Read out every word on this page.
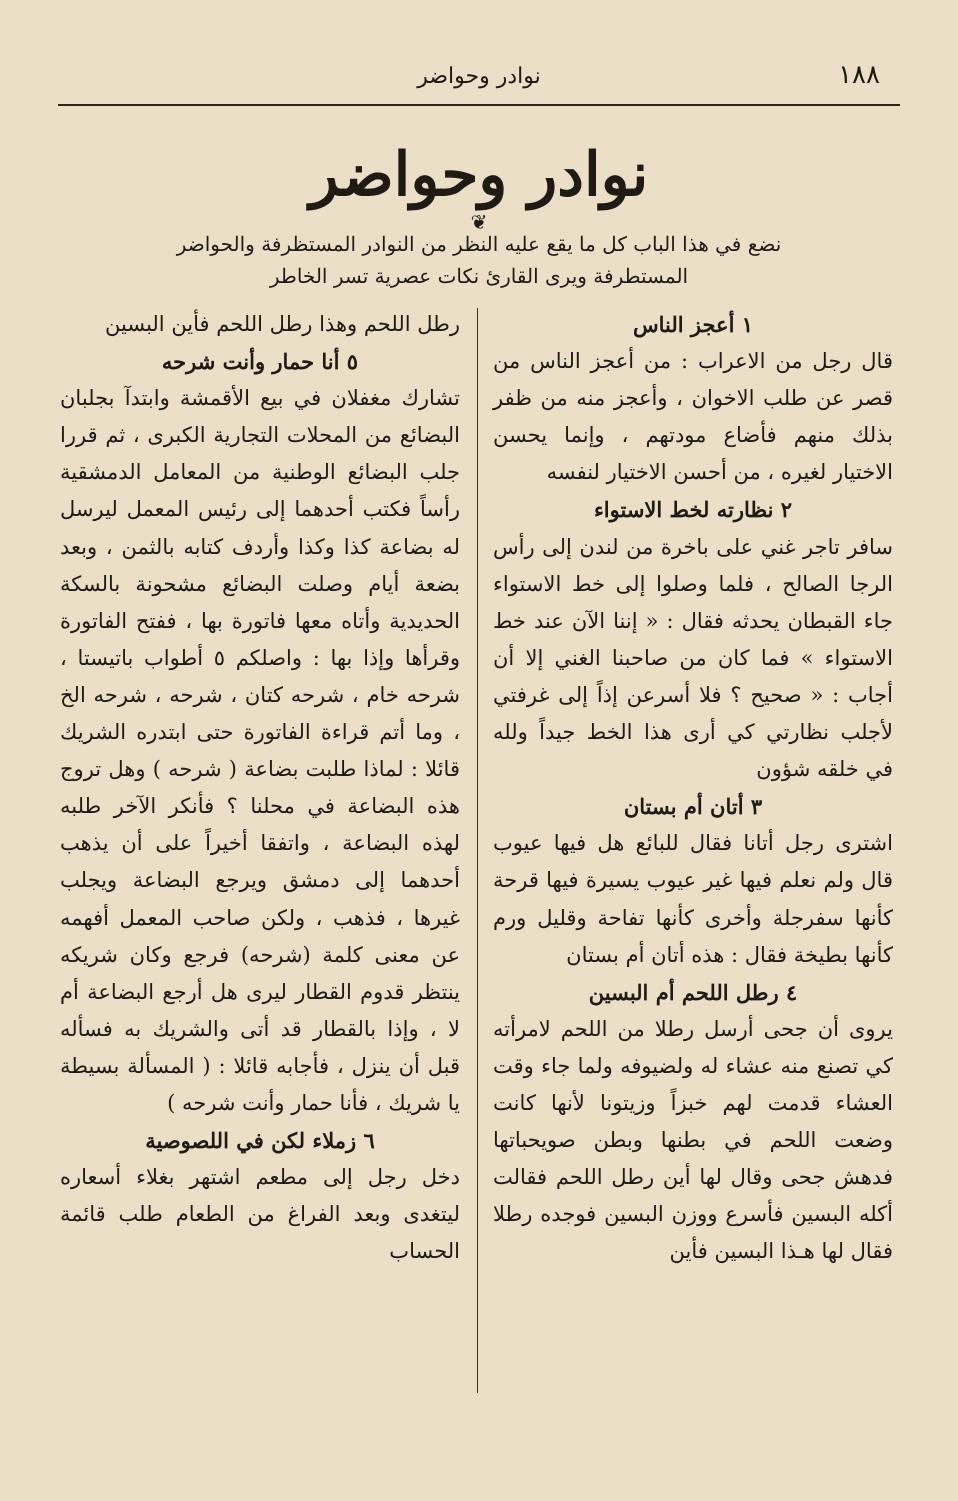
١٨٨
نوادر وحواضر
نوادر وحواضر
❦
نضع في هذا الباب كل ما يقع عليه النظر من النوادر المستظرفة والحواضر المستطرفة ويرى القارئ نكات عصرية تسر الخاطر

١ أعجز الناس

قال رجل من الاعراب : من أعجز الناس من قصر عن طلب الاخوان ، وأعجز منه من ظفر بذلك منهم فأضاع مودتهم ، وإنما يحسن الاختيار لغيره ، من أحسن الاختيار لنفسه

٢ نظارته لخط الاستواء

سافر تاجر غني على باخرة من لندن إلى رأس الرجا الصالح ، فلما وصلوا إلى خط الاستواء جاء القبطان يحدثه فقال : « إننا الآن عند خط الاستواء » فما كان من صاحبنا الغني إلا أن أجاب : « صحيح ؟ فلا أسرعن إذاً إلى غرفتي لأجلب نظارتي كي أرى هذا الخط جيداً ولله في خلقه شؤون

٣ أتان أم بستان

اشترى رجل أتانا فقال للبائع هل فيها عيوب قال ولم نعلم فيها غير عيوب يسيرة فيها قرحة كأنها سفرجلة وأخرى كأنها تفاحة وقليل ورم كأنها بطيخة فقال : هذه أتان أم بستان

٤ رطل اللحم أم البسين

يروى أن جحى أرسل رطلا من اللحم لامرأته كي تصنع منه عشاء له ولضيوفه ولما جاء وقت العشاء قدمت لهم خبزاً وزيتونا لأنها كانت وضعت اللحم في بطنها وبطن صويحباتها فدهش جحى وقال لها أين رطل اللحم فقالت أكله البسين فأسرع ووزن البسين فوجده رطلا فقال لها هـذا البسين فأين

رطل اللحم وهذا رطل اللحم فأين البسين

٥ أنا حمار وأنت شرحه

تشارك مغفلان في بيع الأقمشة وابتدآ بجلبان البضائع من المحلات التجارية الكبرى ، ثم قررا جلب البضائع الوطنية من المعامل الدمشقية رأساً فكتب أحدهما إلى رئيس المعمل ليرسل له بضاعة كذا وكذا وأردف كتابه بالثمن ، وبعد بضعة أيام وصلت البضائع مشحونة بالسكة الحديدية وأتاه معها فاتورة بها ، ففتح الفاتورة وقرأها وإذا بها : واصلكم ٥ أطواب باتيستا ، شرحه خام ، شرحه كتان ، شرحه ، شرحه الخ ، وما أتم قراءة الفاتورة حتى ابتدره الشريك قائلا : لماذا طلبت بضاعة ( شرحه ) وهل تروج هذه البضاعة في محلنا ؟ فأنكر الآخر طلبه لهذه البضاعة ، واتفقا أخيراً على أن يذهب أحدهما إلى دمشق ويرجع البضاعة ويجلب غيرها ، فذهب ، ولكن صاحب المعمل أفهمه عن معنى كلمة (شرحه) فرجع وكان شريكه ينتظر قدوم القطار ليرى هل أرجع البضاعة أم لا ، وإذا بالقطار قد أتى والشريك به فسأله قبل أن ينزل ، فأجابه قائلا : ( المسألة بسيطة يا شريك ، فأنا حمار وأنت شرحه )

٦ زملاء لكن في اللصوصية

دخل رجل إلى مطعم اشتهر بغلاء أسعاره ليتغدى وبعد الفراغ من الطعام طلب قائمة الحساب
